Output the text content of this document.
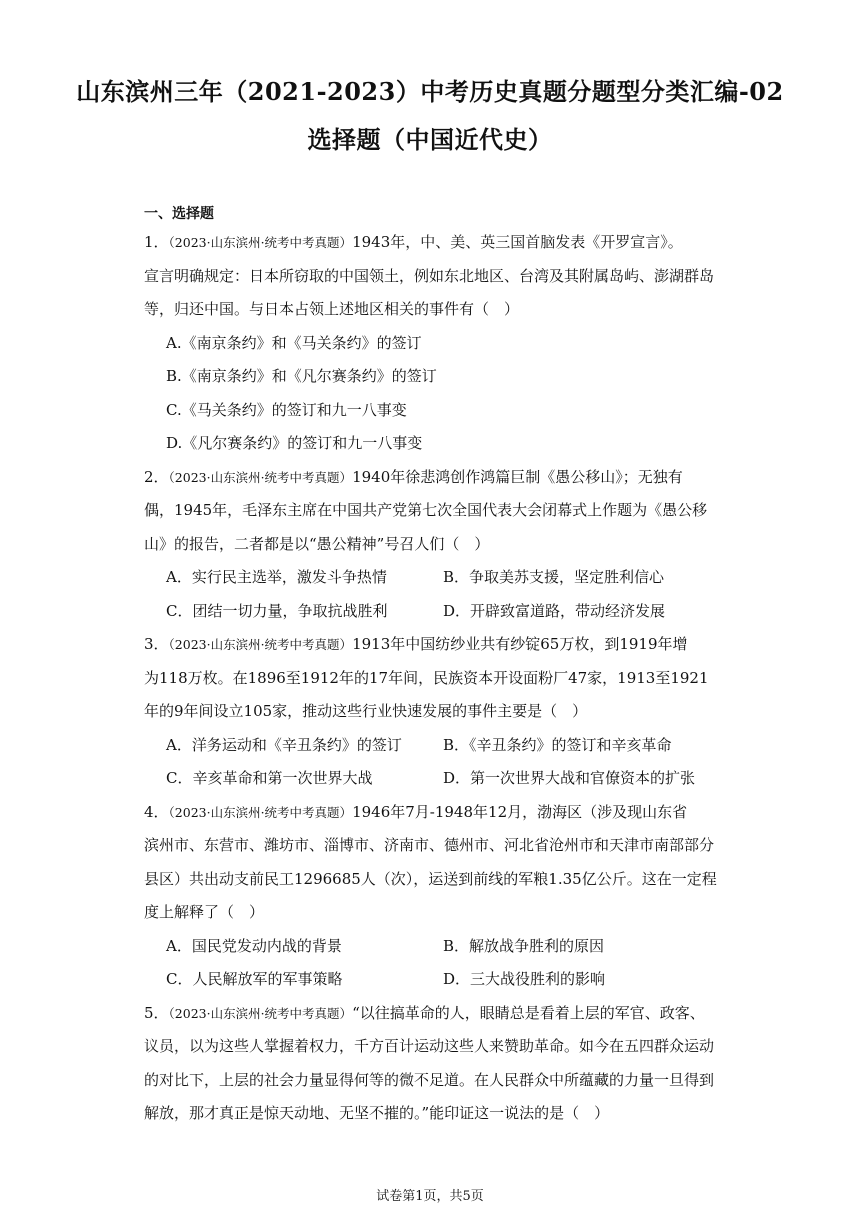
山东滨州三年（2021-2023）中考历史真题分题型分类汇编-02
选择题（中国近代史）
一、选择题
1．（2023·山东滨州·统考中考真题）1943年，中、美、英三国首脑发表《开罗宣言》。
宣言明确规定：日本所窃取的中国领土，例如东北地区、台湾及其附属岛屿、澎湖群岛
等，归还中国。与日本占领上述地区相关的事件有（　）
A.《南京条约》和《马关条约》的签订
B.《南京条约》和《凡尔赛条约》的签订
C.《马关条约》的签订和九一八事变
D.《凡尔赛条约》的签订和九一八事变
2．（2023·山东滨州·统考中考真题）1940年徐悲鸿创作鸿篇巨制《愚公移山》；无独有
偶，1945年，毛泽东主席在中国共产党第七次全国代表大会闭幕式上作题为《愚公移
山》的报告，二者都是以“愚公精神”号召人们（　）
A．实行民主选举，激发斗争热情	B．争取美苏支援，坚定胜利信心
C．团结一切力量，争取抗战胜利	D．开辟致富道路，带动经济发展
3．（2023·山东滨州·统考中考真题）1913年中国纺纱业共有纱锭65万枚，到1919年增
为118万枚。在1896至1912年的17年间，民族资本开设面粉厂47家，1913至1921
年的9年间设立105家，推动这些行业快速发展的事件主要是（　）
A．洋务运动和《辛丑条约》的签订	B．《辛丑条约》的签订和辛亥革命
C．辛亥革命和第一次世界大战	D．第一次世界大战和官僚资本的扩张
4．（2023·山东滨州·统考中考真题）1946年7月-1948年12月，渤海区（涉及现山东省
滨州市、东营市、潍坊市、淄博市、济南市、德州市、河北省沧州市和天津市南部部分
县区）共出动支前民工1296685人（次），运送到前线的军粮1.35亿公斤。这在一定程
度上解释了（　）
A．国民党发动内战的背景	B．解放战争胜利的原因
C．人民解放军的军事策略	D．三大战役胜利的影响
5．（2023·山东滨州·统考中考真题）“以往搞革命的人，眼睛总是看着上层的军官、政客、
议员，以为这些人掌握着权力，千方百计运动这些人来赞助革命。如今在五四群众运动
的对比下，上层的社会力量显得何等的微不足道。在人民群众中所蕴藏的力量一旦得到
解放，那才真正是惊天动地、无坚不摧的。”能印证这一说法的是（　）
试卷第1页，共5页
